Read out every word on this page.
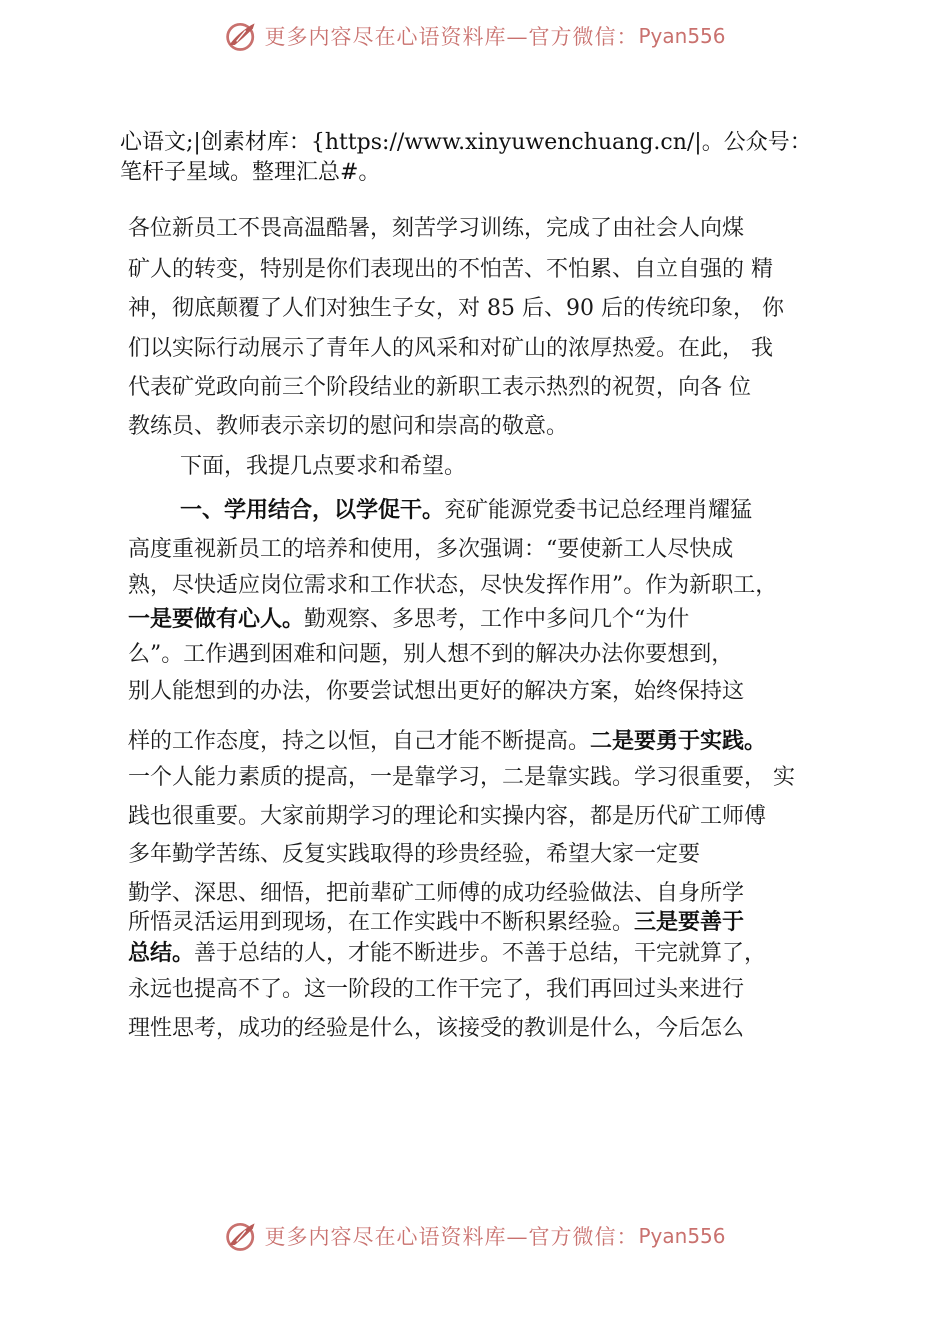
更多内容尽在心语资料库—官方微信： Pyan556
心语文;|创素材库：{https://www.xinyuwenchuang.cn/|。公众号：
笔杆子星域。整理汇总#。
各位新员工不畏高温酷暑，刻苦学习训练，完成了由社会人向煤
矿人的转变，特别是你们表现出的不怕苦、不怕累、自立自强的 精
神，彻底颠覆了人们对独生子女，对 85 后、90 后的传统印象， 你
们以实际行动展示了青年人的风采和对矿山的浓厚热爱。在此， 我
代表矿党政向前三个阶段结业的新职工表示热烈的祝贺，向各 位
教练员、教师表示亲切的慰问和崇高的敬意。
下面，我提几点要求和希望。
一、学用结合，以学促干。兖矿能源党委书记总经理肖耀猛
高度重视新员工的培养和使用，多次强调：“要使新工人尽快成
熟，尽快适应岗位需求和工作状态，尽快发挥作用”。作为新职工，
一是要做有心人。勤观察、多思考，工作中多问几个“为什
么”。工作遇到困难和问题，别人想不到的解决办法你要想到，
别人能想到的办法，你要尝试想出更好的解决方案，始终保持这
样的工作态度，持之以恒，自己才能不断提高。二是要勇于实践。
一个人能力素质的提高，一是靠学习，二是靠实践。学习很重要， 实
践也很重要。大家前期学习的理论和实操内容，都是历代矿工师傅
多年勤学苦练、反复实践取得的珍贵经验，希望大家一定要
勤学、深思、细悟，把前辈矿工师傅的成功经验做法、自身所学
所悟灵活运用到现场，在工作实践中不断积累经验。三是要善于
总结。善于总结的人，才能不断进步。不善于总结，干完就算了，
永远也提高不了。这一阶段的工作干完了，我们再回过头来进行
理性思考，成功的经验是什么，该接受的教训是什么，今后怎么
更多内容尽在心语资料库—官方微信： Pyan556
